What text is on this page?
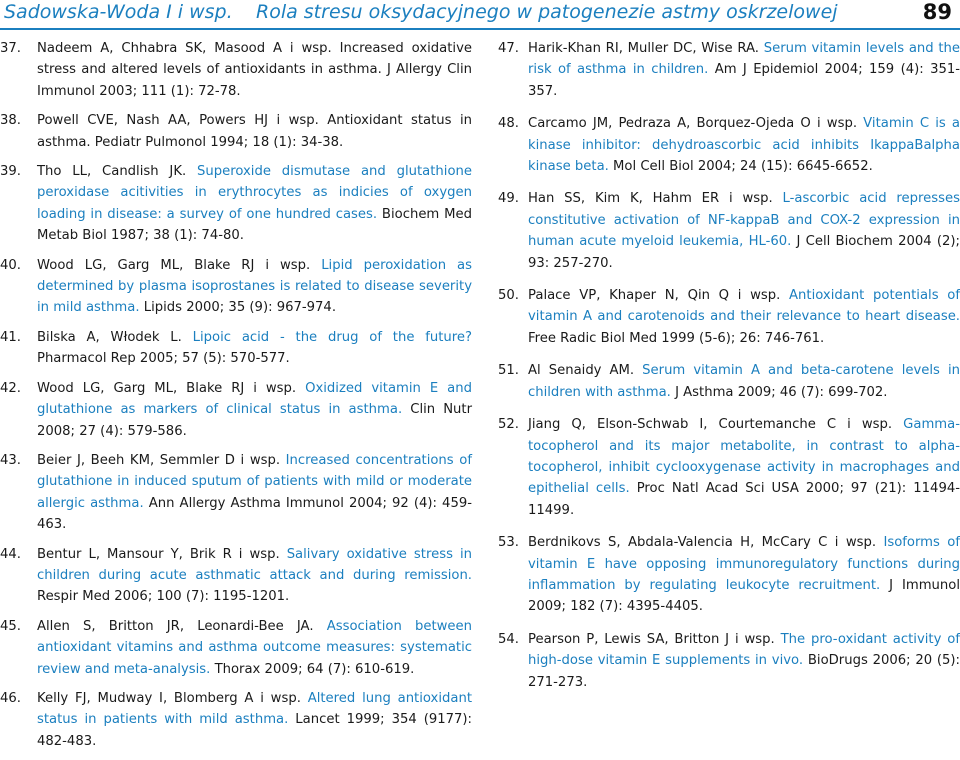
Sadowska-Woda I i wsp. Rola stresu oksydacyjnego w patogenezie astmy oskrzelowej	89
37. Nadeem A, Chhabra SK, Masood A i wsp. Increased oxidative stress and altered levels of antioxidants in asthma. J Allergy Clin Immunol 2003; 111 (1): 72-78.
38. Powell CVE, Nash AA, Powers HJ i wsp. Antioxidant status in asthma. Pediatr Pulmonol 1994; 18 (1): 34-38.
39. Tho LL, Candlish JK. Superoxide dismutase and glutathione peroxidase acitivities in erythrocytes as indicies of oxygen loading in disease: a survey of one hundred cases. Biochem Med Metab Biol 1987; 38 (1): 74-80.
40. Wood LG, Garg ML, Blake RJ i wsp. Lipid peroxidation as determined by plasma isoprostanes is related to disease severity in mild asthma. Lipids 2000; 35 (9): 967-974.
41. Bilska A, Włodek L. Lipoic acid - the drug of the future? Pharmacol Rep 2005; 57 (5): 570-577.
42. Wood LG, Garg ML, Blake RJ i wsp. Oxidized vitamin E and glutathione as markers of clinical status in asthma. Clin Nutr 2008; 27 (4): 579-586.
43. Beier J, Beeh KM, Semmler D i wsp. Increased concentrations of glutathione in induced sputum of patients with mild or moderate allergic asthma. Ann Allergy Asthma Immunol 2004; 92 (4): 459-463.
44. Bentur L, Mansour Y, Brik R i wsp. Salivary oxidative stress in children during acute asthmatic attack and during remission. Respir Med 2006; 100 (7): 1195-1201.
45. Allen S, Britton JR, Leonardi-Bee JA. Association between antioxidant vitamins and asthma outcome measures: systematic review and meta-analysis. Thorax 2009; 64 (7): 610-619.
46. Kelly FJ, Mudway I, Blomberg A i wsp. Altered lung antioxidant status in patients with mild asthma. Lancet 1999; 354 (9177): 482-483.
47. Harik-Khan RI, Muller DC, Wise RA. Serum vitamin levels and the risk of asthma in children. Am J Epidemiol 2004; 159 (4): 351-357.
48. Carcamo JM, Pedraza A, Borquez-Ojeda O i wsp. Vitamin C is a kinase inhibitor: dehydroascorbic acid inhibits IkappaBalpha kinase beta. Mol Cell Biol 2004; 24 (15): 6645-6652.
49. Han SS, Kim K, Hahm ER i wsp. L-ascorbic acid represses constitutive activation of NF-kappaB and COX-2 expression in human acute myeloid leukemia, HL-60. J Cell Biochem 2004 (2); 93: 257-270.
50. Palace VP, Khaper N, Qin Q i wsp. Antioxidant potentials of vitamin A and carotenoids and their relevance to heart disease. Free Radic Biol Med 1999 (5-6); 26: 746-761.
51. Al Senaidy AM. Serum vitamin A and beta-carotene levels in children with asthma. J Asthma 2009; 46 (7): 699-702.
52. Jiang Q, Elson-Schwab I, Courtemanche C i wsp. Gamma-tocopherol and its major metabolite, in contrast to alpha-tocopherol, inhibit cyclooxygenase activity in macrophages and epithelial cells. Proc Natl Acad Sci USA 2000; 97 (21): 11494-11499.
53. Berdnikovs S, Abdala-Valencia H, McCary C i wsp. Isoforms of vitamin E have opposing immunoregulatory functions during inflammation by regulating leukocyte recruitment. J Immunol 2009; 182 (7): 4395-4405.
54. Pearson P, Lewis SA, Britton J i wsp. The pro-oxidant activity of high-dose vitamin E supplements in vivo. BioDrugs 2006; 20 (5): 271-273.
